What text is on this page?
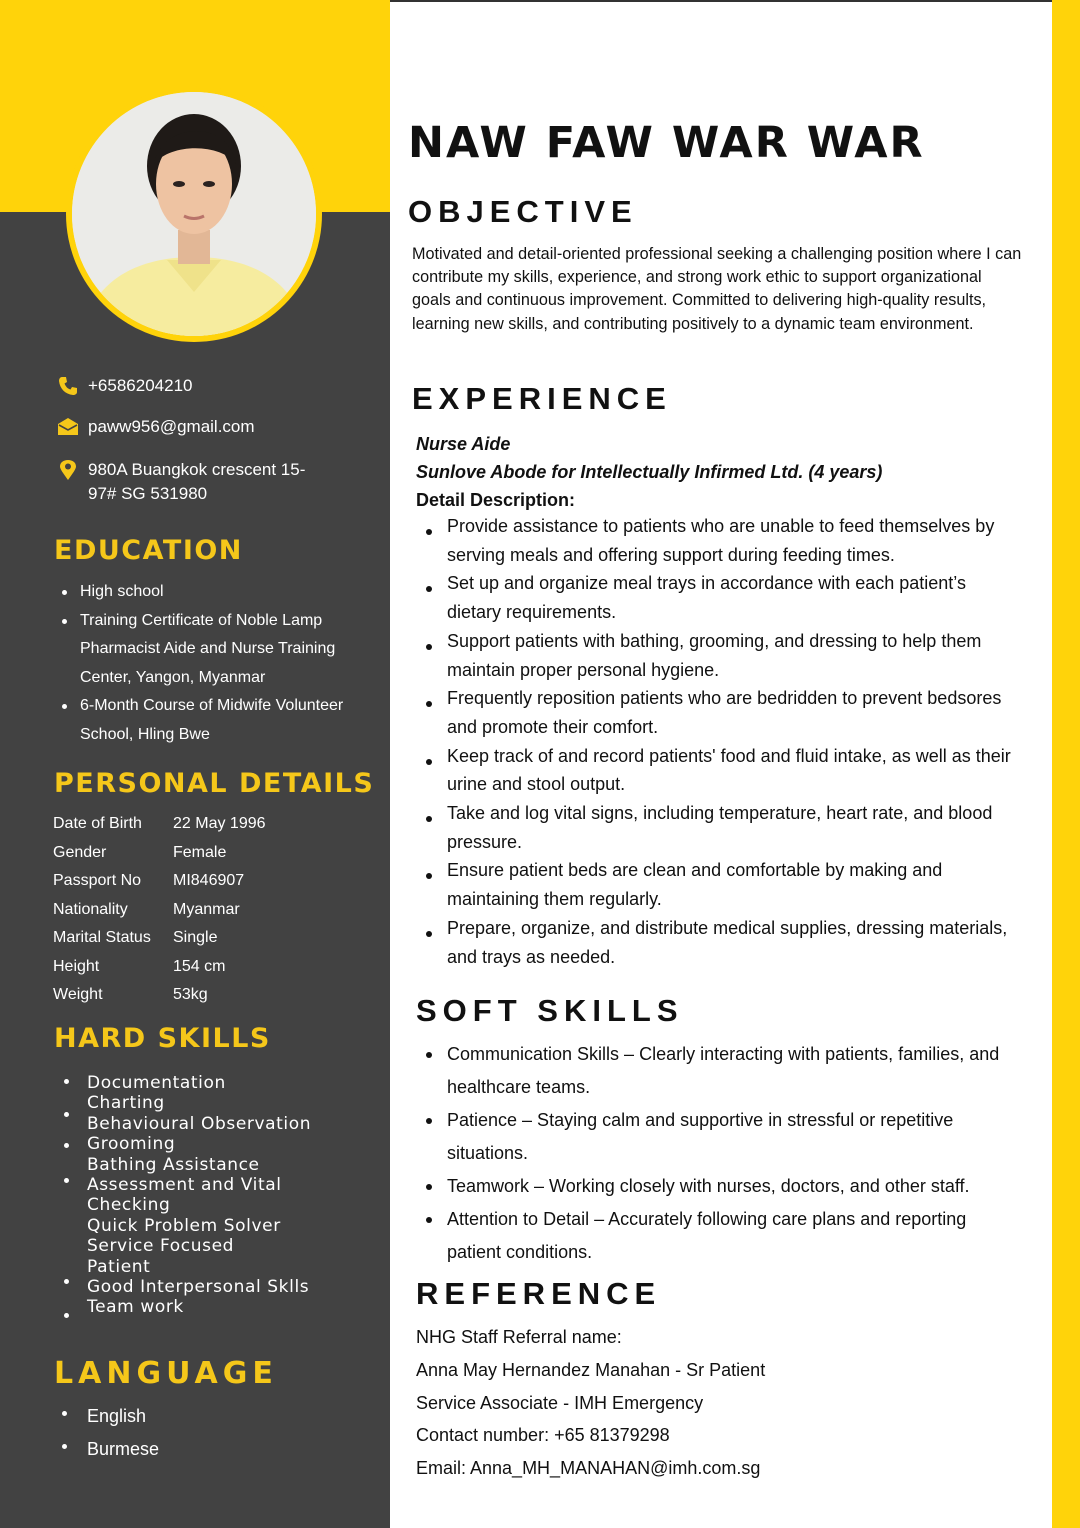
+6586204210
paww956@gmail.com
980A Buangkok crescent 15-97# SG 531980
EDUCATION
High school
Training Certificate of Noble Lamp Pharmacist Aide and Nurse Training Center, Yangon, Myanmar
6-Month Course of Midwife Volunteer School, Hling Bwe
PERSONAL DETAILS
Date of Birth	22 May 1996
Gender	Female
Passport No	MI846907
Nationality	Myanmar
Marital Status	Single
Height	154 cm
Weight	53kg
HARD SKILLS
Documentation
Charting
Behavioural Observation
Grooming
Bathing Assistance
Assessment and Vital
Checking
Quick Problem Solver
Service Focused
Patient
Good Interpersonal Sklls
Team work
LANGUAGE
English
Burmese
NAW FAW WAR WAR
OBJECTIVE

Motivated and detail-oriented professional seeking a challenging position where I can contribute my skills, experience, and strong work ethic to support organizational goals and continuous improvement. Committed to delivering high-quality results, learning new skills, and contributing positively to a dynamic team environment.

EXPERIENCE
Nurse Aide
Sunlove Abode for Intellectually Infirmed Ltd. (4 years)
Detail Description:
Provide assistance to patients who are unable to feed themselves by serving meals and offering support during feeding times.
Set up and organize meal trays in accordance with each patient’s dietary requirements.
Support patients with bathing, grooming, and dressing to help them maintain proper personal hygiene.
Frequently reposition patients who are bedridden to prevent bedsores and promote their comfort.
Keep track of and record patients' food and fluid intake, as well as their urine and stool output.
Take and log vital signs, including temperature, heart rate, and blood pressure.
Ensure patient beds are clean and comfortable by making and maintaining them regularly.
Prepare, organize, and distribute medical supplies, dressing materials, and trays as needed.
SOFT SKILLS
Communication Skills – Clearly interacting with patients, families, and healthcare teams.
Patience – Staying calm and supportive in stressful or repetitive situations.
Teamwork – Working closely with nurses, doctors, and other staff.
Attention to Detail – Accurately following care plans and reporting patient conditions.
REFERENCE
NHG Staff Referral name:
Anna May Hernandez Manahan - Sr Patient
Service Associate - IMH Emergency
Contact number: +65 81379298
Email: Anna_MH_MANAHAN@imh.com.sg
